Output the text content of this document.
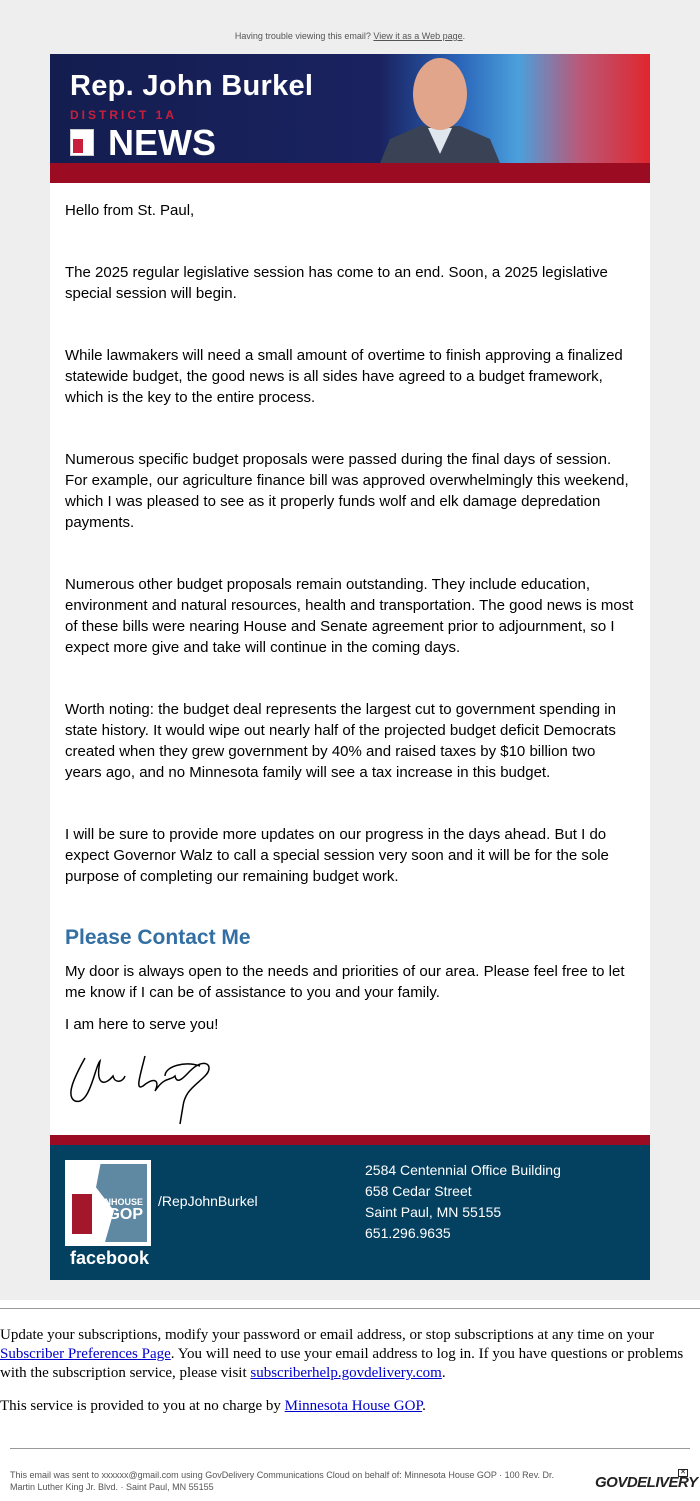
Having trouble viewing this email? View it as a Web page.
Rep. John Burkel
DISTRICT 1A
NEWS

Hello from St. Paul,

The 2025 regular legislative session has come to an end. Soon, a 2025 legislative special session will begin.

While lawmakers will need a small amount of overtime to finish approving a finalized statewide budget, the good news is all sides have agreed to a budget framework, which is the key to the entire process.

Numerous specific budget proposals were passed during the final days of session. For example, our agriculture finance bill was approved overwhelmingly this weekend, which I was pleased to see as it properly funds wolf and elk damage depredation payments.

Numerous other budget proposals remain outstanding. They include education, environment and natural resources, health and transportation. The good news is most of these bills were nearing House and Senate agreement prior to adjournment, so I expect more give and take will continue in the coming days.

Worth noting: the budget deal represents the largest cut to government spending in state history. It would wipe out nearly half of the projected budget deficit Democrats created when they grew government by 40% and raised taxes by $10 billion two years ago, and no Minnesota family will see a tax increase in this budget.

I will be sure to provide more updates on our progress in the days ahead. But I do expect Governor Walz to call a special session very soon and it will be for the sole purpose of completing our remaining budget work.

Please Contact Me

My door is always open to the needs and priorities of our area. Please feel free to let me know if I can be of assistance to you and your family.

I am here to serve you!

MNHOUSE
GOP
facebook
/RepJohnBurkel
2584 Centennial Office Building
658 Cedar Street
Saint Paul, MN 55155
651.296.9635

Update your subscriptions, modify your password or email address, or stop subscriptions at any time on your Subscriber Preferences Page. You will need to use your email address to log in. If you have questions or problems with the subscription service, please visit subscriberhelp.govdelivery.com.

This service is provided to you at no charge by Minnesota House GOP.

This email was sent to xxxxxx@gmail.com using GovDelivery Communications Cloud on behalf of: Minnesota House GOP · 100 Rev. Dr. Martin Luther King Jr. Blvd. · Saint Paul, MN 55155	GOVDELIVERY
✕
